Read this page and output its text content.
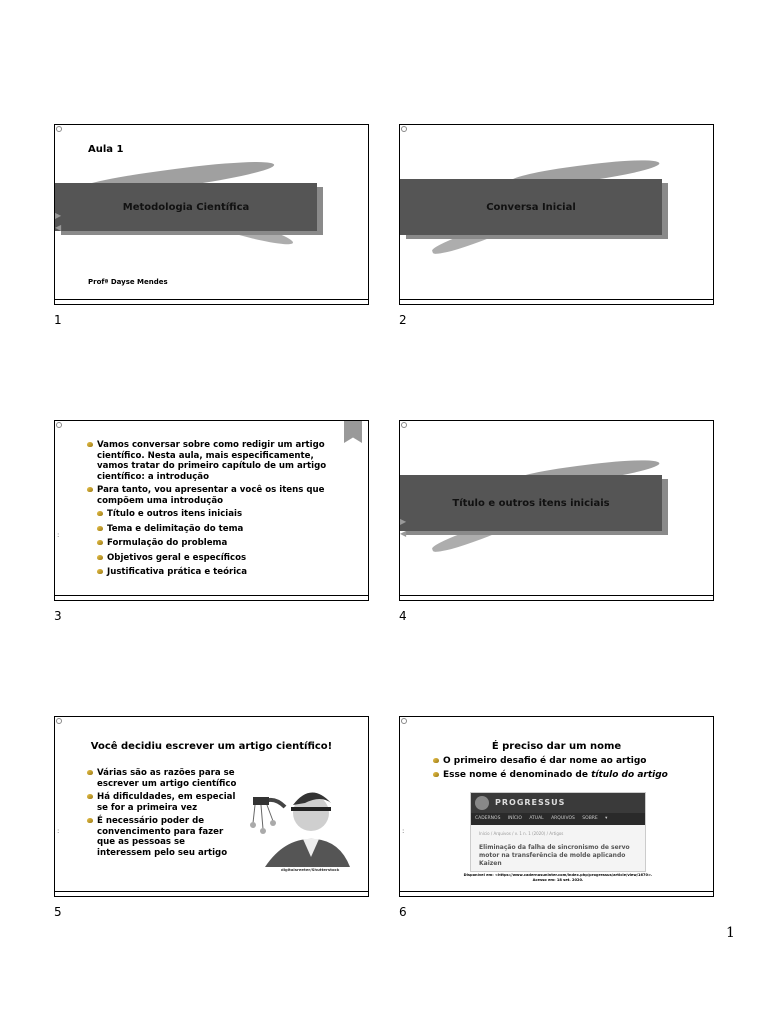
Aula 1
Metodologia Científica
▶
◀
Profª Dayse Mendes
1
Conversa Inicial
2
:
Vamos conversar sobre como redigir um artigo científico. Nesta aula, mais especificamente, vamos tratar do primeiro capítulo de um artigo científico: a introdução
Para tanto, vou apresentar a você os itens que compõem uma introdução
Título e outros itens iniciais
Tema e delimitação do tema
Formulação do problema
Objetivos geral e específicos
Justificativa prática e teórica
3
Título e outros itens iniciais
▶
◀
4
:
Você decidiu escrever um artigo científico!
Várias são as razões para se escrever um artigo científico
Há dificuldades, em especial se for a primeira vez
É necessário poder de convencimento para fazer que as pessoas se interessem pelo seu artigo
digitalsreeter/Shutterstock
5
:
É preciso dar um nome
O primeiro desafio é dar nome ao artigo
Esse nome é denominado de título do artigo
PROGRESSUS
CADERNOS INÍCIO ATUAL ARQUIVOS SOBRE ▾
Início / Arquivos / v. 1 n. 1 (2020) / Artigos
Eliminação da falha de sincronismo de servo motor na transferência de molde aplicando Kaizen
Disponível em: <https://www.cadernosuninter.com/index.php/progressus/article/view/1670>. Acesso em: 18 set. 2020.
6
1
